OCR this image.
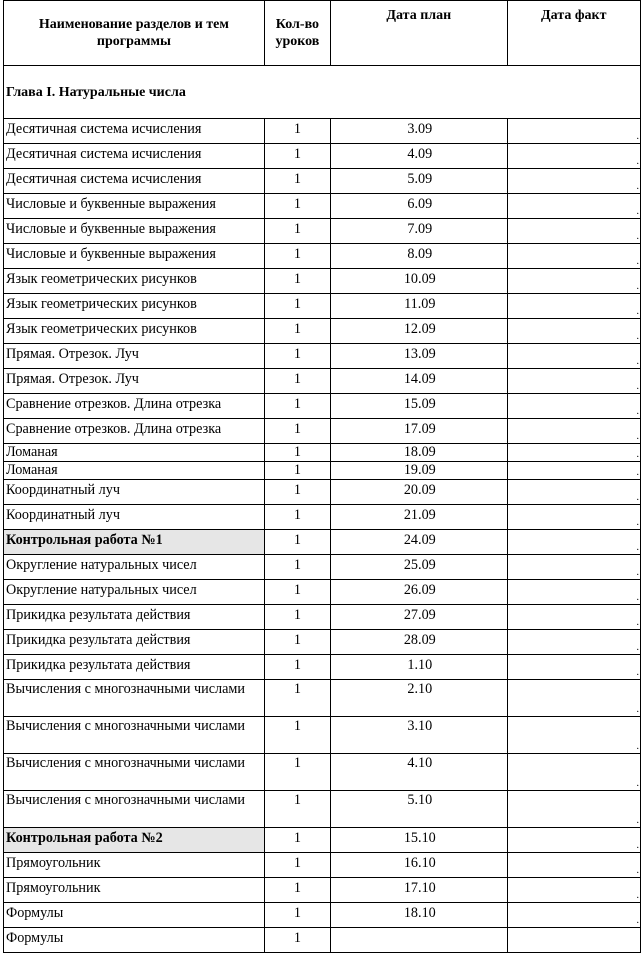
Наименование разделов и тем программы	Кол-во уроков	Дата план	Дата факт
Глава I. Натуральные числа			
Десятичная система исчисления	1	3.09	.

Десятичная система исчисления	1	4.09	.

Десятичная система исчисления	1	5.09	.

Числовые и буквенные выражения	1	6.09	.

Числовые и буквенные выражения	1	7.09	.

Числовые и буквенные выражения	1	8.09	.

Язык геометрических рисунков	1	10.09	.

Язык геометрических рисунков	1	11.09	.

Язык геометрических рисунков	1	12.09	.

Прямая. Отрезок. Луч	1	13.09	.

Прямая. Отрезок. Луч	1	14.09	.

Сравнение отрезков. Длина отрезка	1	15.09	.

Сравнение отрезков. Длина отрезка	1	17.09	.

Ломаная	1	18.09	.

Ломаная	1	19.09	.

Координатный луч	1	20.09	.

Координатный луч	1	21.09	.

Контрольная работа №1	1	24.09	.

Округление натуральных чисел	1	25.09	.

Округление натуральных чисел	1	26.09	.

Прикидка результата действия	1	27.09	.

Прикидка результата действия	1	28.09	.

Прикидка результата действия	1	1.10	.

Вычисления с многозначными числами	1	2.10	.

Вычисления с многозначными числами	1	3.10	.

Вычисления с многозначными числами	1	4.10	.

Вычисления с многозначными числами	1	5.10	.

Контрольная работа №2	1	15.10	.

Прямоугольник	1	16.10	.

Прямоугольник	1	17.10	.

Формулы	1	18.10	.

Формулы	1		
